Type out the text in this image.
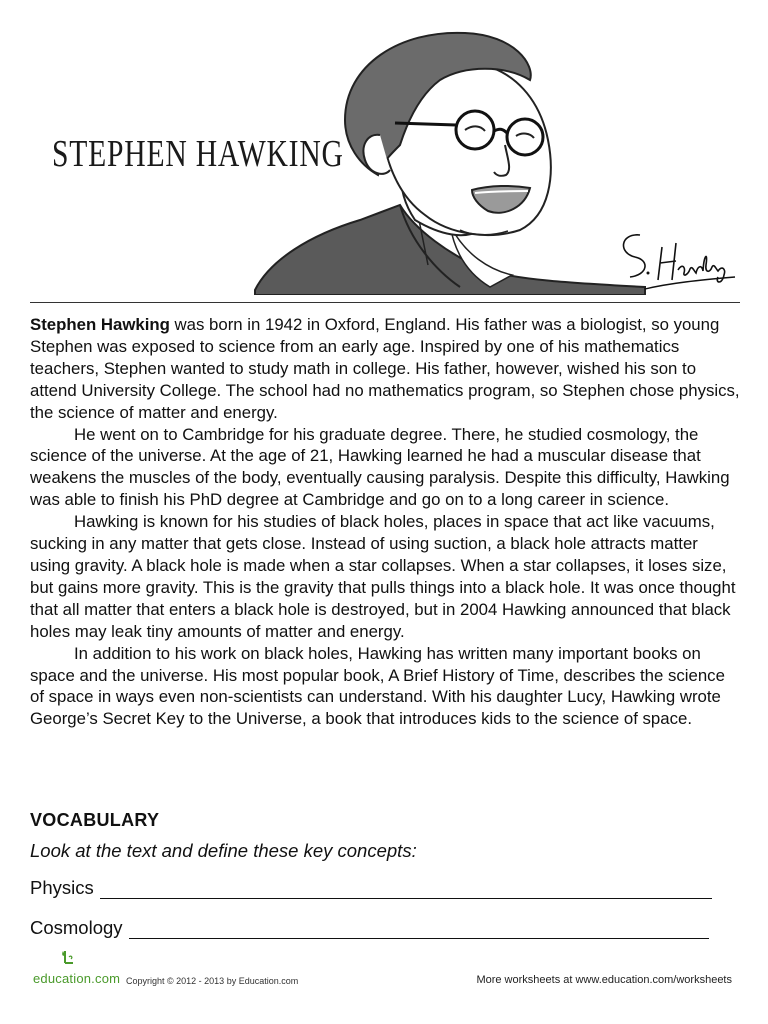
STEPHEN HAWKING

Stephen Hawking was born in 1942 in Oxford, England. His father was a biologist, so young Stephen was exposed to science from an early age. Inspired by one of his mathematics teachers, Stephen wanted to study math in college. His father, however, wished his son to attend University College. The school had no mathematics program, so Stephen chose physics, the science of matter and energy.

He went on to Cambridge for his graduate degree. There, he studied cosmology, the science of the universe. At the age of 21, Hawking learned he had a muscular disease that weakens the muscles of the body, eventually causing paralysis. Despite this difficulty, Hawking was able to finish his PhD degree at Cambridge and go on to a long career in science.

Hawking is known for his studies of black holes, places in space that act like vacuums, sucking in any matter that gets close. Instead of using suction, a black hole attracts matter using gravity. A black hole is made when a star collapses. When a star collapses, it loses size, but gains more gravity. This is the gravity that pulls things into a black hole. It was once thought that all matter that enters a black hole is destroyed, but in 2004 Hawking announced that black holes may leak tiny amounts of matter and energy.

In addition to his work on black holes, Hawking has written many important books on space and the universe. His most popular book, A Brief History of Time, describes the science of space in ways even non-scientists can understand. With his daughter Lucy, Hawking wrote George’s Secret Key to the Universe, a book that introduces kids to the science of space.

VOCABULARY
Look at the text and define these key concepts:
Physics
Cosmology
education.com Copyright © 2012 - 2013 by Education.com	More worksheets at www.education.com/worksheets
